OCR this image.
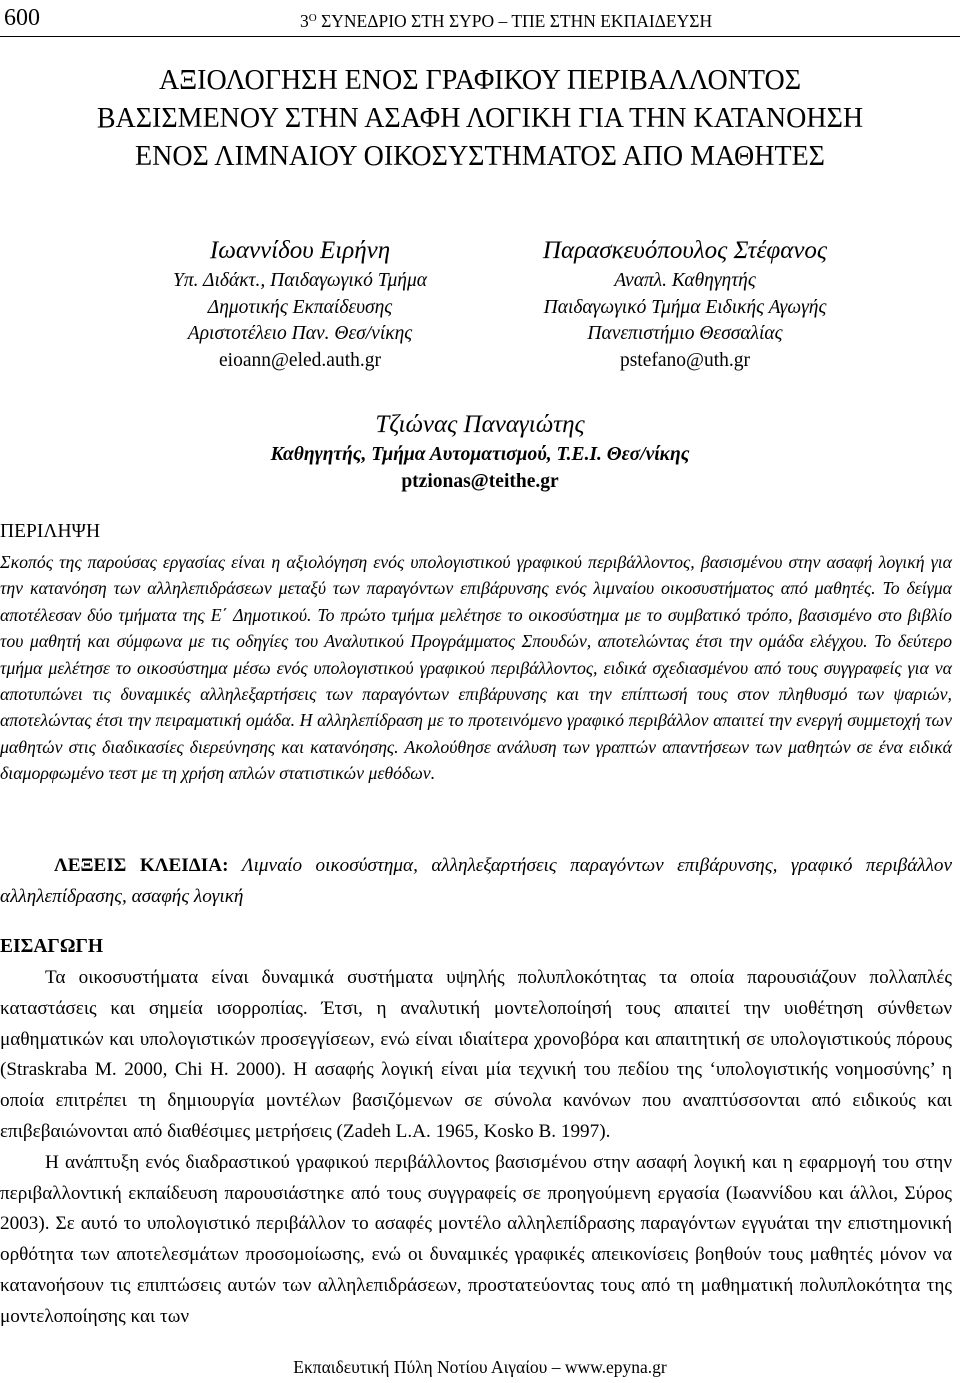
600	$3^O$ ΣΥΝΕΔΡΙΟ ΣΤΗ ΣΥΡΟ – ΤΠΕ ΣΤΗΝ ΕΚΠΑΙΔΕΥΣΗ
ΑΞΙΟΛΟΓΗΣΗ ΕΝΟΣ ΓΡΑΦΙΚΟΥ ΠΕΡΙΒΑΛΛΟΝΤΟΣ
ΒΑΣΙΣΜΕΝΟΥ ΣΤΗΝ ΑΣΑΦΗ ΛΟΓΙΚΗ ΓΙΑ ΤΗΝ ΚΑΤΑΝΟΗΣΗ
ΕΝΟΣ ΛΙΜΝΑΙΟΥ ΟΙΚΟΣΥΣΤΗΜΑΤΟΣ ΑΠΟ ΜΑΘΗΤΕΣ
Ιωαννίδου Ειρήνη
Υπ. Διδάκτ., Παιδαγωγικό Τμήμα
Δημοτικής Εκπαίδευσης
Αριστοτέλειο Παν. Θεσ/νίκης
eioann@eled.auth.gr
Παρασκευόπουλος Στέφανος
Αναπλ. Καθηγητής
Παιδαγωγικό Τμήμα Ειδικής Αγωγής
Πανεπιστήμιο Θεσσαλίας
pstefano@uth.gr
Τζιώνας Παναγιώτης
Καθηγητής, Τμήμα Αυτοματισμού, Τ.Ε.Ι. Θεσ/νίκης
ptzionas@teithe.gr
ΠΕΡΙΛΗΨΗ
Σκοπός της παρούσας εργασίας είναι η αξιολόγηση ενός υπολογιστικού γραφικού περιβάλλοντος, βασισμένου στην ασαφή λογική για την κατανόηση των αλληλεπιδράσεων μεταξύ των παραγόντων επιβάρυνσης ενός λιμναίου οικοσυστήματος από μαθητές. Το δείγμα αποτέλεσαν δύο τμήματα της Ε΄ Δημοτικού. Το πρώτο τμήμα μελέτησε το οικοσύστημα με το συμβατικό τρόπο, βασισμένο στο βιβλίο του μαθητή και σύμφωνα με τις οδηγίες του Αναλυτικού Προγράμματος Σπουδών, αποτελώντας έτσι την ομάδα ελέγχου. Το δεύτερο τμήμα μελέτησε το οικοσύστημα μέσω ενός υπολογιστικού γραφικού περιβάλλοντος, ειδικά σχεδιασμένου από τους συγγραφείς για να αποτυπώνει τις δυναμικές αλληλεξαρτήσεις των παραγόντων επιβάρυνσης και την επίπτωσή τους στον πληθυσμό των ψαριών, αποτελώντας έτσι την πειραματική ομάδα. Η αλληλεπίδραση με το προτεινόμενο γραφικό περιβάλλον απαιτεί την ενεργή συμμετοχή των μαθητών στις διαδικασίες διερεύνησης και κατανόησης. Ακολούθησε ανάλυση των γραπτών απαντήσεων των μαθητών σε ένα ειδικά διαμορφωμένο τεστ με τη χρήση απλών στατιστικών μεθόδων.
ΛΕΞΕΙΣ ΚΛΕΙΔΙΑ: Λιμναίο οικοσύστημα, αλληλεξαρτήσεις παραγόντων επιβάρυνσης, γραφικό περιβάλλον αλληλεπίδρασης, ασαφής λογική
ΕΙΣΑΓΩΓΗ

Τα οικοσυστήματα είναι δυναμικά συστήματα υψηλής πολυπλοκότητας τα οποία παρουσιάζουν πολλαπλές καταστάσεις και σημεία ισορροπίας. Έτσι, η αναλυτική μοντελοποίησή τους απαιτεί την υιοθέτηση σύνθετων μαθηματικών και υπολογιστικών προσεγγίσεων, ενώ είναι ιδιαίτερα χρονοβόρα και απαιτητική σε υπολογιστικούς πόρους (Straskraba M. 2000, Chi H. 2000). Η ασαφής λογική είναι μία τεχνική του πεδίου της ‘υπολογιστικής νοημοσύνης’ η οποία επιτρέπει τη δημιουργία μοντέλων βασιζόμενων σε σύνολα κανόνων που αναπτύσσονται από ειδικούς και επιβεβαιώνονται από διαθέσιμες μετρήσεις (Zadeh L.A. 1965, Kosko B. 1997).

Η ανάπτυξη ενός διαδραστικού γραφικού περιβάλλοντος βασισμένου στην ασαφή λογική και η εφαρμογή του στην περιβαλλοντική εκπαίδευση παρουσιάστηκε από τους συγγραφείς σε προηγούμενη εργασία (Ιωαννίδου και άλλοι, Σύρος 2003). Σε αυτό το υπολογιστικό περιβάλλον το ασαφές μοντέλο αλληλεπίδρασης παραγόντων εγγυάται την επιστημονική ορθότητα των αποτελεσμάτων προσομοίωσης, ενώ οι δυναμικές γραφικές απεικονίσεις βοηθούν τους μαθητές μόνον να κατανοήσουν τις επιπτώσεις αυτών των αλληλεπιδράσεων, προστατεύοντας τους από τη μαθηματική πολυπλοκότητα της μοντελοποίησης και των

Εκπαιδευτική Πύλη Νοτίου Αιγαίου – www.epyna.gr
